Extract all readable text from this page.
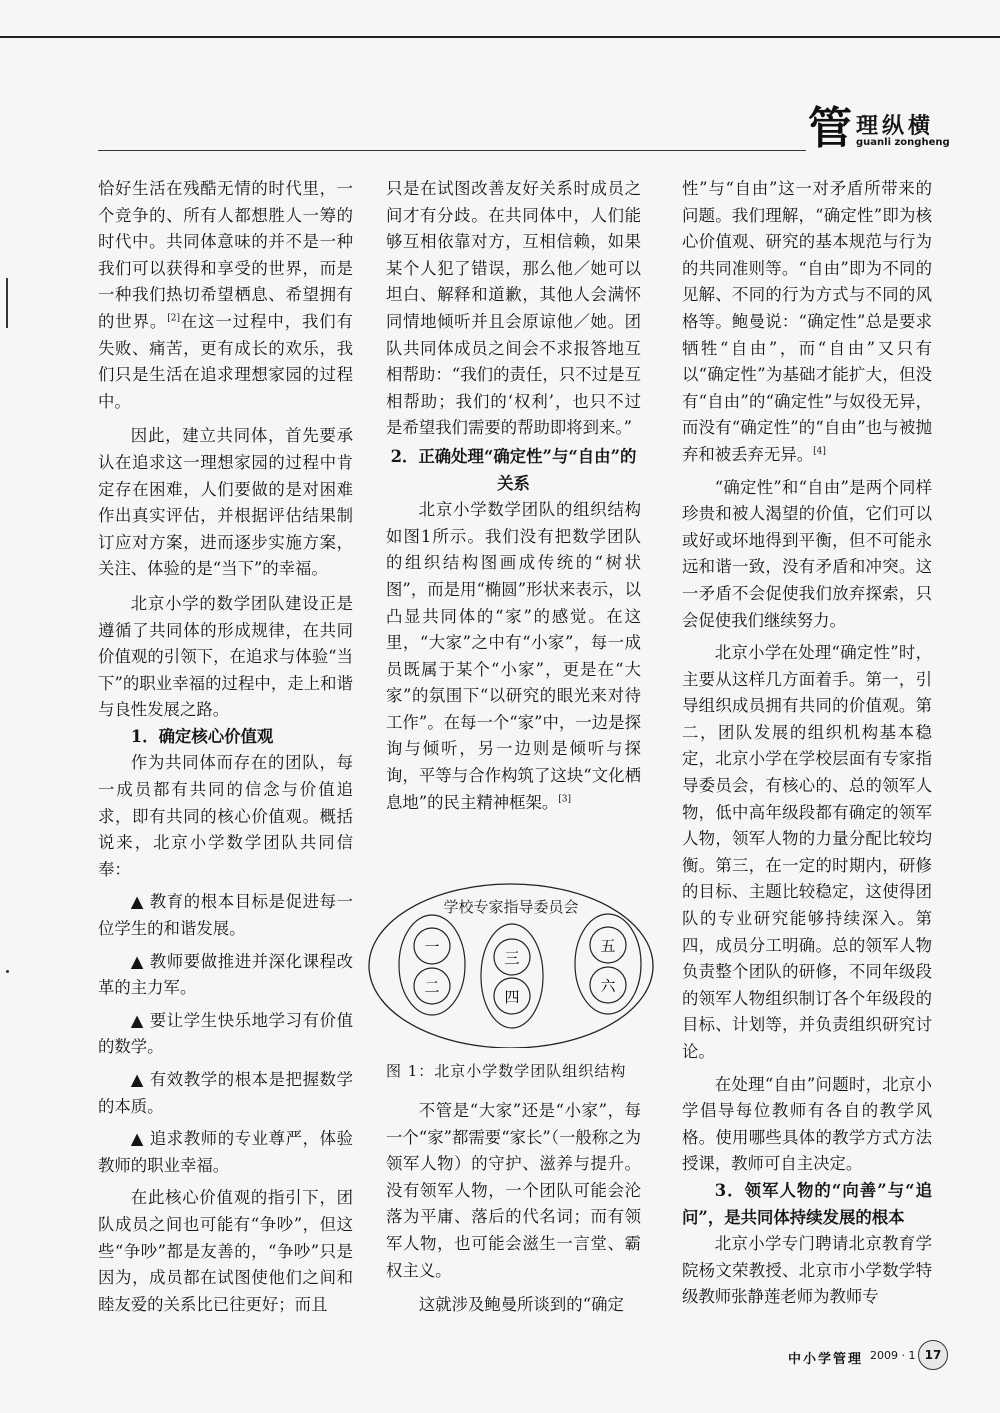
管 理纵横
guanli zongheng

恰好生活在残酷无情的时代里，一个竞争的、所有人都想胜人一筹的时代中。共同体意味的并不是一种我们可以获得和享受的世界，而是一种我们热切希望栖息、希望拥有的世界。[2]在这一过程中，我们有失败、痛苦，更有成长的欢乐，我们只是生活在追求理想家园的过程中。

因此，建立共同体，首先要承认在追求这一理想家园的过程中肯定存在困难，人们要做的是对困难作出真实评估，并根据评估结果制订应对方案，进而逐步实施方案，关注、体验的是“当下”的幸福。

北京小学的数学团队建设正是遵循了共同体的形成规律，在共同价值观的引领下，在追求与体验“当下”的职业幸福的过程中，走上和谐与良性发展之路。

1．确定核心价值观

作为共同体而存在的团队，每一成员都有共同的信念与价值追求，即有共同的核心价值观。概括说来，北京小学数学团队共同信奉：

▲ 教育的根本目标是促进每一位学生的和谐发展。

▲ 教师要做推进并深化课程改革的主力军。

▲ 要让学生快乐地学习有价值的数学。

▲ 有效教学的根本是把握数学的本质。

▲ 追求教师的专业尊严，体验教师的职业幸福。

在此核心价值观的指引下，团队成员之间也可能有“争吵”，但这些“争吵”都是友善的，“争吵”只是因为，成员都在试图使他们之间和睦友爱的关系比已往更好；而且

只是在试图改善友好关系时成员之间才有分歧。在共同体中，人们能够互相依靠对方，互相信赖，如果某个人犯了错误，那么他／她可以坦白、解释和道歉，其他人会满怀同情地倾听并且会原谅他／她。团队共同体成员之间会不求报答地互相帮助：“我们的责任，只不过是互相帮助；我们的‘权利’，也只不过是希望我们需要的帮助即将到来。”

2．正确处理“确定性”与“自由”的关系

北京小学数学团队的组织结构如图1所示。我们没有把数学团队的组织结构图画成传统的“树状图”，而是用“椭圆”形状来表示，以凸显共同体的“家”的感觉。在这里，“大家”之中有“小家”，每一成员既属于某个“小家”，更是在“大家”的氛围下“以研究的眼光来对待工作”。在每一个“家”中，一边是探询与倾听，另一边则是倾听与探询，平等与合作构筑了这块“文化栖息地”的民主精神框架。[3]

学校专家指导委员会
一
二
三
四
五
六
图 1：北京小学数学团队组织结构

不管是“大家”还是“小家”，每一个“家”都需要“家长”（一般称之为领军人物）的守护、滋养与提升。没有领军人物，一个团队可能会沦落为平庸、落后的代名词；而有领军人物，也可能会滋生一言堂、霸权主义。

这就涉及鲍曼所谈到的“确定

性”与“自由”这一对矛盾所带来的问题。我们理解，“确定性”即为核心价值观、研究的基本规范与行为的共同准则等。“自由”即为不同的见解、不同的行为方式与不同的风格等。鲍曼说：“确定性”总是要求牺牲“自由”，而“自由”又只有以“确定性”为基础才能扩大，但没有“自由”的“确定性”与奴役无异，而没有“确定性”的“自由”也与被抛弃和被丢弃无异。[4]

“确定性”和“自由”是两个同样珍贵和被人渴望的价值，它们可以或好或坏地得到平衡，但不可能永远和谐一致，没有矛盾和冲突。这一矛盾不会促使我们放弃探索，只会促使我们继续努力。

北京小学在处理“确定性”时，主要从这样几方面着手。第一，引导组织成员拥有共同的价值观。第二，团队发展的组织机构基本稳定，北京小学在学校层面有专家指导委员会，有核心的、总的领军人物，低中高年级段都有确定的领军人物，领军人物的力量分配比较均衡。第三，在一定的时期内，研修的目标、主题比较稳定，这使得团队的专业研究能够持续深入。第四，成员分工明确。总的领军人物负责整个团队的研修，不同年级段的领军人物组织制订各个年级段的目标、计划等，并负责组织研究讨论。

在处理“自由”问题时，北京小学倡导每位教师有各自的教学风格。使用哪些具体的教学方式方法授课，教师可自主决定。

3．领军人物的“向善”与“追问”，是共同体持续发展的根本

北京小学专门聘请北京教育学院杨文荣教授、北京市小学数学特级教师张静莲老师为教师专

中小学管理 2009 · 1 17
